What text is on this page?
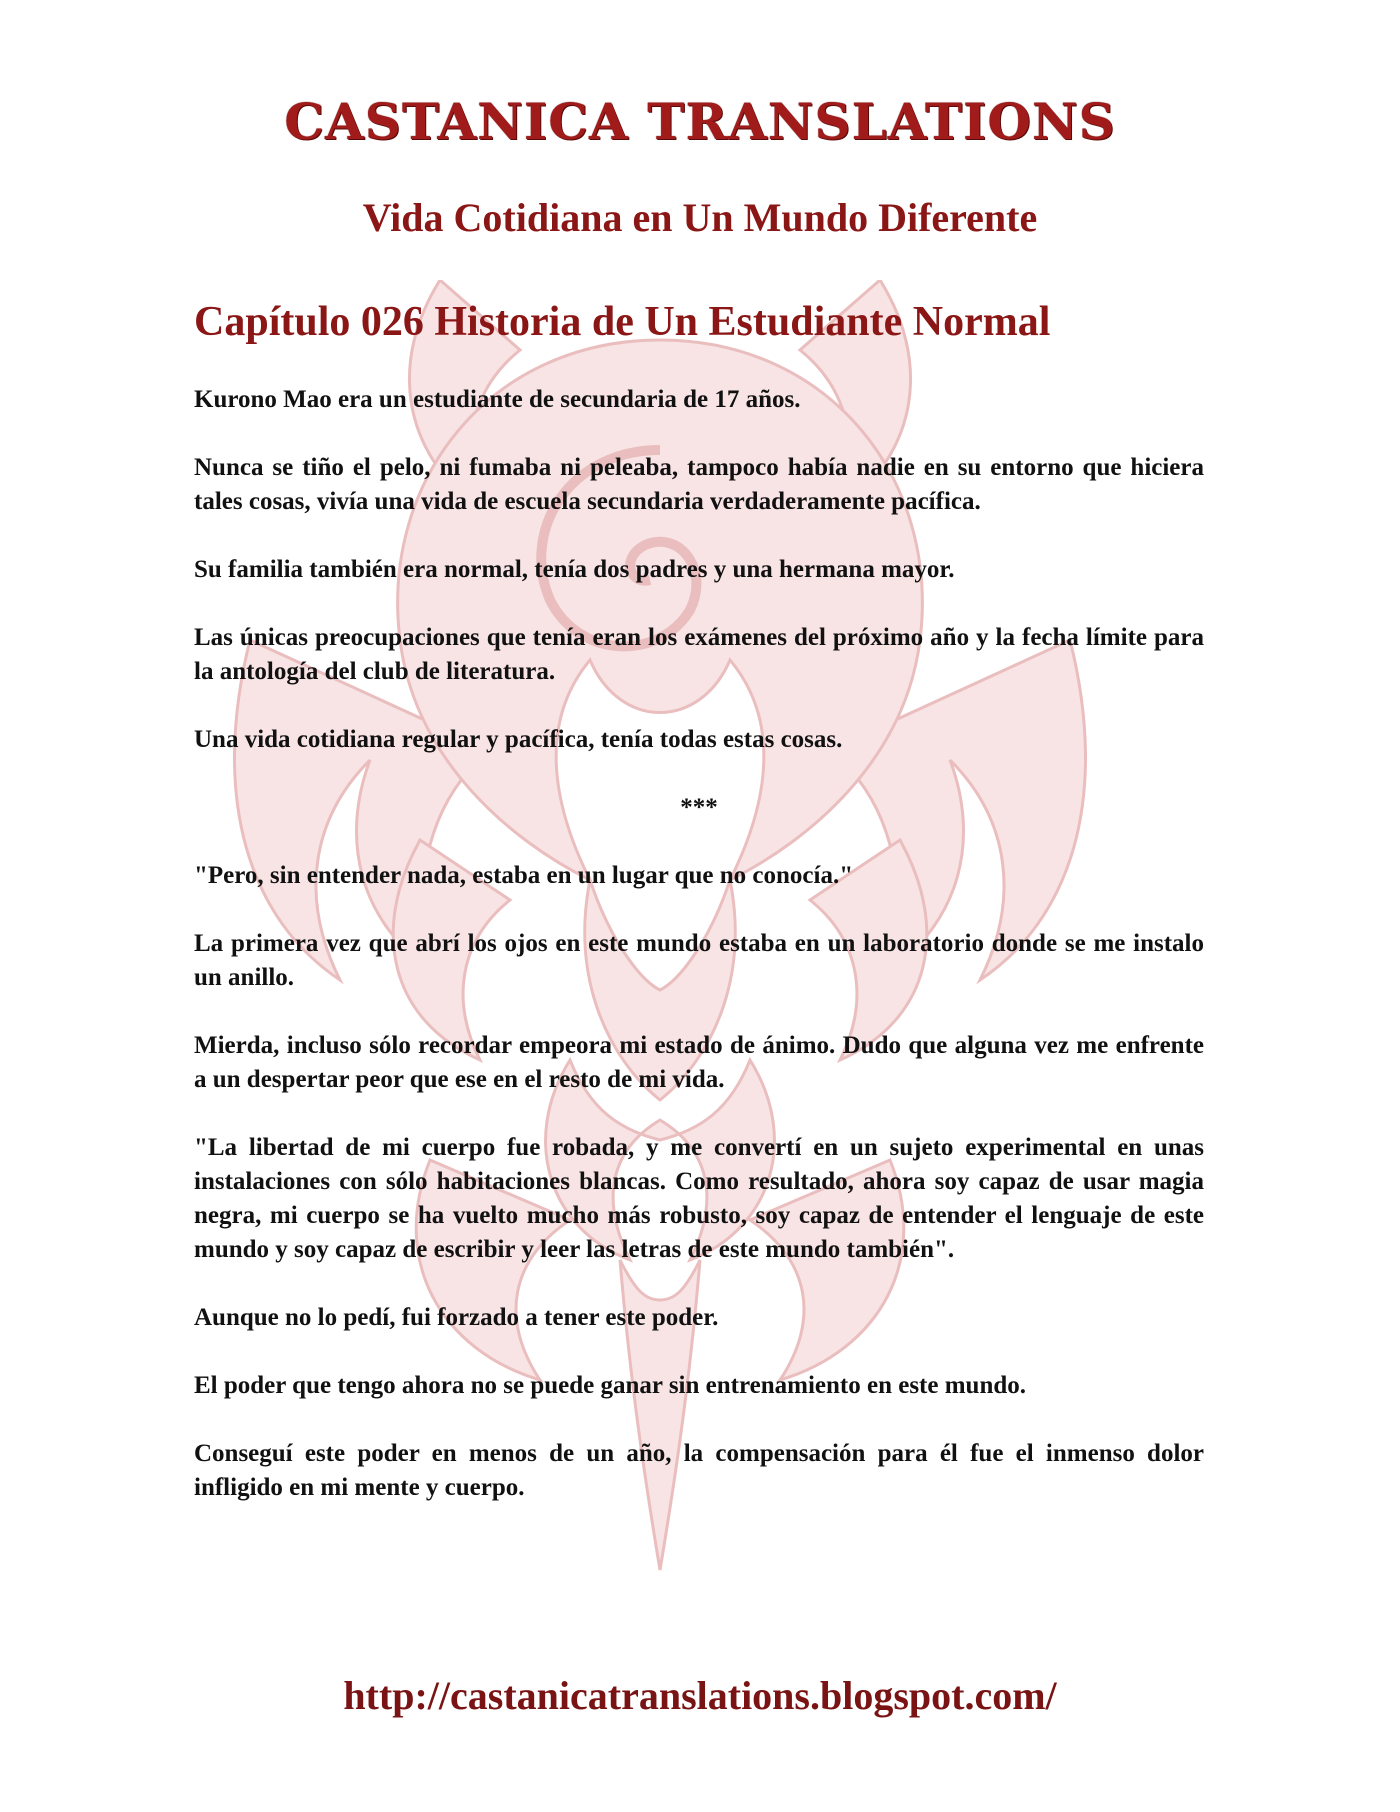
CASTANICA TRANSLATIONS
Vida Cotidiana en Un Mundo Diferente
Capítulo 026 Historia de Un Estudiante Normal

Kurono Mao era un estudiante de secundaria de 17 años.

Nunca se tiño el pelo, ni fumaba ni peleaba, tampoco había nadie en su entorno que hiciera tales cosas, vivía una vida de escuela secundaria verdaderamente pacífica.

Su familia también era normal, tenía dos padres y una hermana mayor.

Las únicas preocupaciones que tenía eran los exámenes del próximo año y la fecha límite para la antología del club de literatura.

Una vida cotidiana regular y pacífica, tenía todas estas cosas.

***

"Pero, sin entender nada, estaba en un lugar que no conocía."

La primera vez que abrí los ojos en este mundo estaba en un laboratorio donde se me instalo un anillo.

Mierda, incluso sólo recordar empeora mi estado de ánimo. Dudo que alguna vez me enfrente a un despertar peor que ese en el resto de mi vida.

"La libertad de mi cuerpo fue robada, y me convertí en un sujeto experimental en unas instalaciones con sólo habitaciones blancas. Como resultado, ahora soy capaz de usar magia negra, mi cuerpo se ha vuelto mucho más robusto, soy capaz de entender el lenguaje de este mundo y soy capaz de escribir y leer las letras de este mundo también".

Aunque no lo pedí, fui forzado a tener este poder.

El poder que tengo ahora no se puede ganar sin entrenamiento en este mundo.

Conseguí este poder en menos de un año, la compensación para él fue el inmenso dolor infligido en mi mente y cuerpo.

http://castanicatranslations.blogspot.com/
